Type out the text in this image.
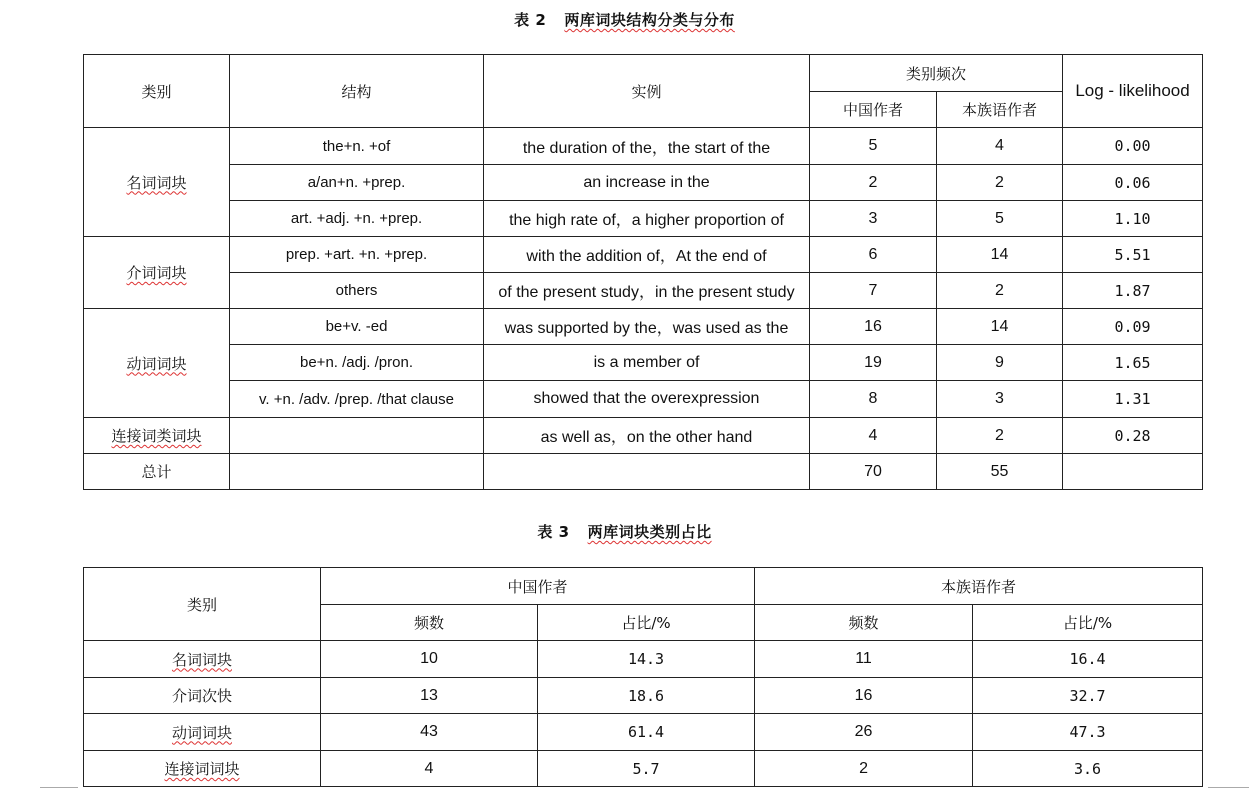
表 2 两库词块结构分类与分布
类别	结构	实例	类别频次		Log - likelihood
			中国作者	本族语作者	
名词词块	the+n. +of	the duration of the，the start of the	5	4	0.00
	a/an+n. +prep.	an increase in the	2	2	0.06
	art. +adj. +n. +prep.	the high rate of，a higher proportion of	3	5	1.10
介词词块	prep. +art. +n. +prep.	with the addition of，At the end of	6	14	5.51
	others	of the present study，in the present study	7	2	1.87
动词词块	be+v. -ed	was supported by the，was used as the	16	14	0.09
	be+n. /adj. /pron.	is a member of	19	9	1.65
	v. +n. /adv. /prep. /that clause	showed that the overexpression	8	3	1.31
连接词类词块		as well as，on the other hand	4	2	0.28
总计			70	55	
表 3 两库词块类别占比
类别	中国作者		本族语作者	
	频数	占比/%	频数	占比/%
名词词块	10	14.3	11	16.4
介词次快	13	18.6	16	32.7
动词词块	43	61.4	26	47.3
连接词词块	4	5.7	2	3.6
